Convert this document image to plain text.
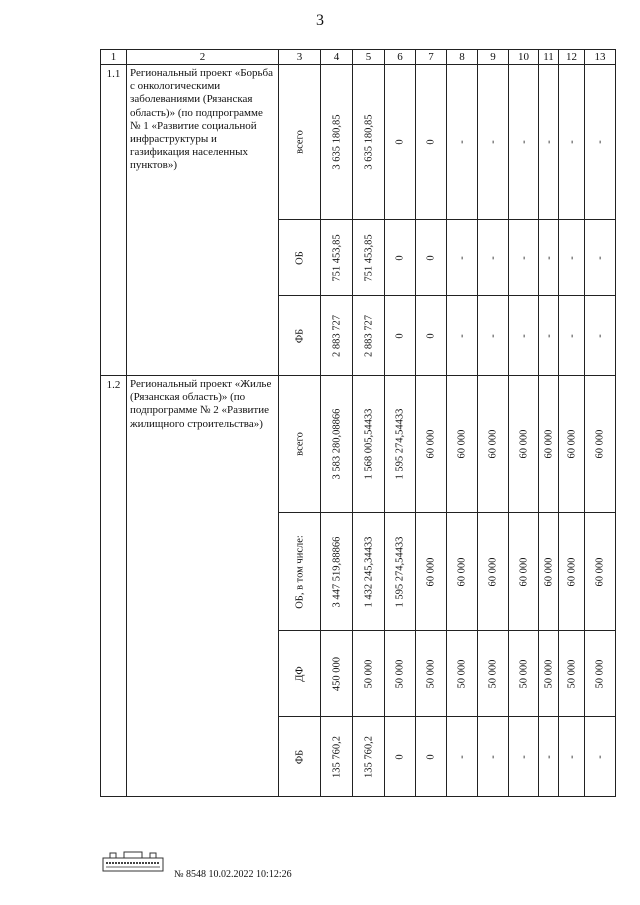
3
1	2	3	4	5	6	7	8	9	10	11	12	13
1.1	Региональный проект «Борьба с онкологическими заболеваниями (Рязанская область)» (по подпрограмме № 1 «Развитие социальной инфраструктуры и газификация населенных пунктов»)	всего	3 635 180,85	3 635 180,85	0	0	-	-	-	-	-	-

		ОБ	751 453,85	751 453,85	0	0	-	-	-	-	-	-

		ФБ	2 883 727	2 883 727	0	0	-	-	-	-	-	-

1.2	Региональный проект «Жилье (Рязанская область)» (по подпрограмме № 2 «Развитие жилищного строительства»)	всего	3 583 280,08866	1 568 005,54433	1 595 274,54433	60 000	60 000	60 000	60 000	60 000	60 000	60 000

		ОБ, в том числе:	3 447 519,88866	1 432 245,34433	1 595 274,54433	60 000	60 000	60 000	60 000	60 000	60 000	60 000

		ДФ	450 000	50 000	50 000	50 000	50 000	50 000	50 000	50 000	50 000	50 000

		ФБ	135 760,2	135 760,2	0	0	-	-	-	-	-	-
№ 8548 10.02.2022 10:12:26
